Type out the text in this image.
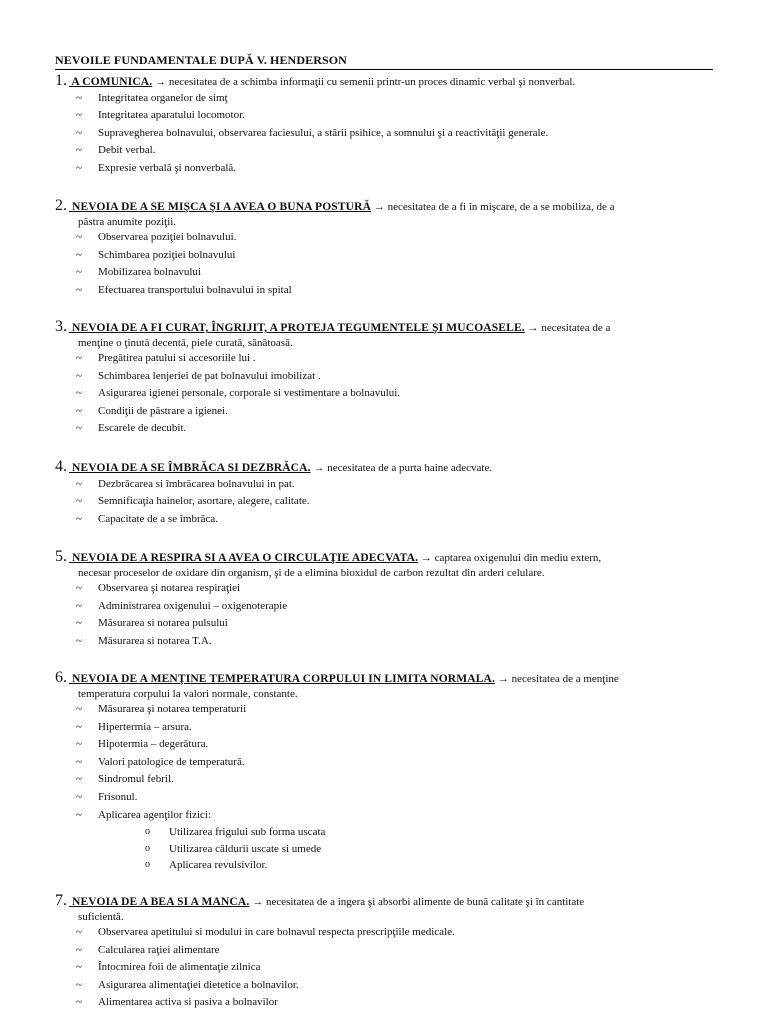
NEVOILE FUNDAMENTALE DUPĂ V. HENDERSON
1. A COMUNICA. → necesitatea de a schimba informaţii cu semenii printr-un proces dinamic verbal şi nonverbal.
~ Integritatea organelor de simţ
~ Integritatea aparatului locomotor.
~ Supravegherea bolnavului, observarea faciesului, a stării psihice, a somnului şi a reactivităţii generale.
~ Debit verbal.
~ Expresie verbală şi nonverbală.
2. NEVOIA DE A SE MIŞCA ŞI A AVEA O BUNA POSTURĂ → necesitatea de a fi în mişcare, de a se mobiliza, de a
păstra anumite poziţii.
~ Observarea poziţiei bolnavului.
~ Schimbarea poziţiei bolnavului
~ Mobilizarea bolnavului
~ Efectuarea transportului bolnavului in spital
3. NEVOIA DE A FI CURAT, ÎNGRIJIT, A PROTEJA TEGUMENTELE ŞI MUCOASELE. → necesitatea de a
menţine o ţinută decentă, piele curată, sănătoasă.
~ Pregătirea patului si accesoriile lui .
~ Schimbarea lenjeriei de pat bolnavului imobilizat .
~ Asigurarea igienei personale, corporale si vestimentare a bolnavului.
~ Condiţii de păstrare a igienei.
~ Escarele de decubit.
4. NEVOIA DE A SE ÎMBRĂCA SI DEZBRĂCA. → necesitatea de a purta haine adecvate.
~ Dezbrăcarea si îmbrăcarea bolnavului in pat.
~ Semnificaţia hainelor, asortare, alegere, calitate.
~ Capacitate de a se îmbrăca.
5. NEVOIA DE A RESPIRA SI A AVEA O CIRCULAŢIE ADECVATA. → captarea oxigenului din mediu extern,
necesar proceselor de oxidare din organism, şi de a elimina bioxidul de carbon rezultat din arderi celulare.
~ Observarea şi notarea respiraţiei
~ Administrarea oxigenului – oxigenoterapie
~ Măsurarea si notarea pulsului
~ Măsurarea si notarea T.A.
6. NEVOIA DE A MENŢINE TEMPERATURA CORPULUI IN LIMITA NORMALA. → necesitatea de a menţine
temperatura corpului la valori normale, constante.
~ Măsurarea şi notarea temperaturii
~ Hipertermia – arsura.
~ Hipotermia – degerătura.
~ Valori patologice de temperatură.
~ Sindromul febril.
~ Frisonul.
~ Aplicarea agenţilor fizici:
o Utilizarea frigului sub forma uscata
o Utilizarea căldurii uscate si umede
o Aplicarea revulsivilor.
7. NEVOIA DE A BEA SI A MANCA. → necesitatea de a ingera şi absorbi alimente de bună calitate şi în cantitate
suficientă.
~ Observarea apetitului si modului in care bolnavul respecta prescripţiile medicale.
~ Calcularea raţiei alimentare
~ Întocmirea foii de alimentaţie zilnica
~ Asigurarea alimentaţiei dietetice a bolnavilor.
~ Alimentarea activa si pasiva a bolnavilor
